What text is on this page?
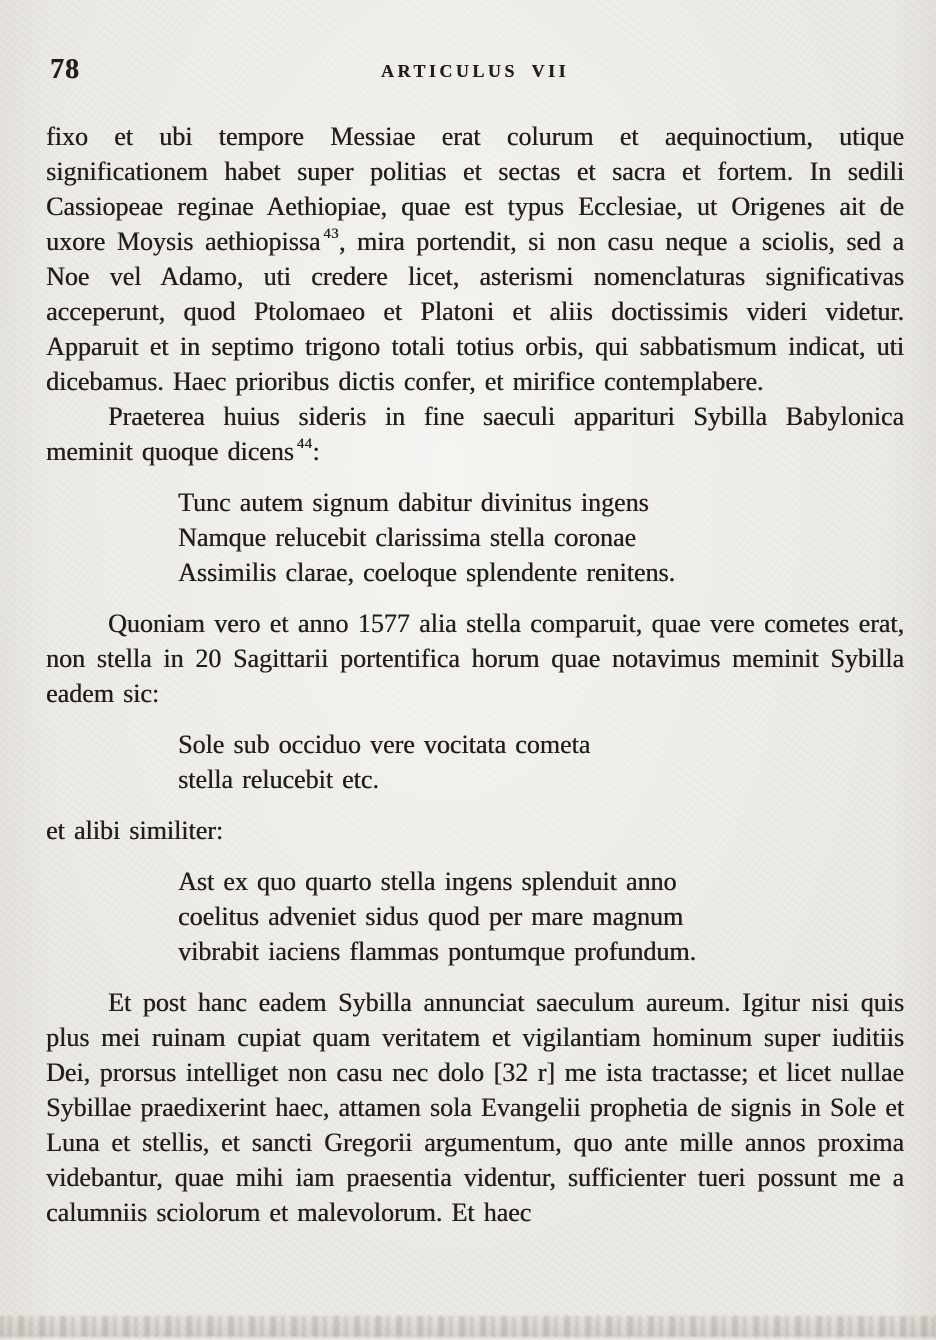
78	ARTICULUS VII

fixo et ubi tempore Messiae erat colurum et aequinoctium, utique significationem habet super politias et sectas et sacra et fortem. In sedili Cassiopeae reginae Aethiopiae, quae est typus Ecclesiae, ut Origenes ait de uxore Moysis aethiopissa $^{43}$, mira portendit, si non casu neque a sciolis, sed a Noe vel Adamo, uti credere licet, asterismi nomenclaturas significativas acceperunt, quod Ptolomaeo et Platoni et aliis doctissimis videri videtur. Apparuit et in septimo trigono totali totius orbis, qui sabbatismum indicat, uti dicebamus. Haec prioribus dictis confer, et mirifice contemplabere.

Praeterea huius sideris in fine saeculi apparituri Sybilla Babylonica meminit quoque dicens $^{44}$:

Tunc autem signum dabitur divinitus ingens
Namque relucebit clarissima stella coronae
Assimilis clarae, coeloque splendente renitens.

Quoniam vero et anno 1577 alia stella comparuit, quae vere cometes erat, non stella in 20 Sagittarii portentifica horum quae notavimus meminit Sybilla eadem sic:

Sole sub occiduo vere vocitata cometa
stella relucebit etc.

et alibi similiter:

Ast ex quo quarto stella ingens splenduit anno
coelitus adveniet sidus quod per mare magnum
vibrabit iaciens flammas pontumque profundum.

Et post hanc eadem Sybilla annunciat saeculum aureum. Igitur nisi quis plus mei ruinam cupiat quam veritatem et vigilantiam hominum super iuditiis Dei, prorsus intelliget non casu nec dolo [32 r] me ista tractasse; et licet nullae Sybillae praedixerint haec, attamen sola Evangelii prophetia de signis in Sole et Luna et stellis, et sancti Gregorii argumentum, quo ante mille annos proxima videbantur, quae mihi iam praesentia videntur, sufficienter tueri possunt me a calumniis sciolorum et malevolorum. Et haec
